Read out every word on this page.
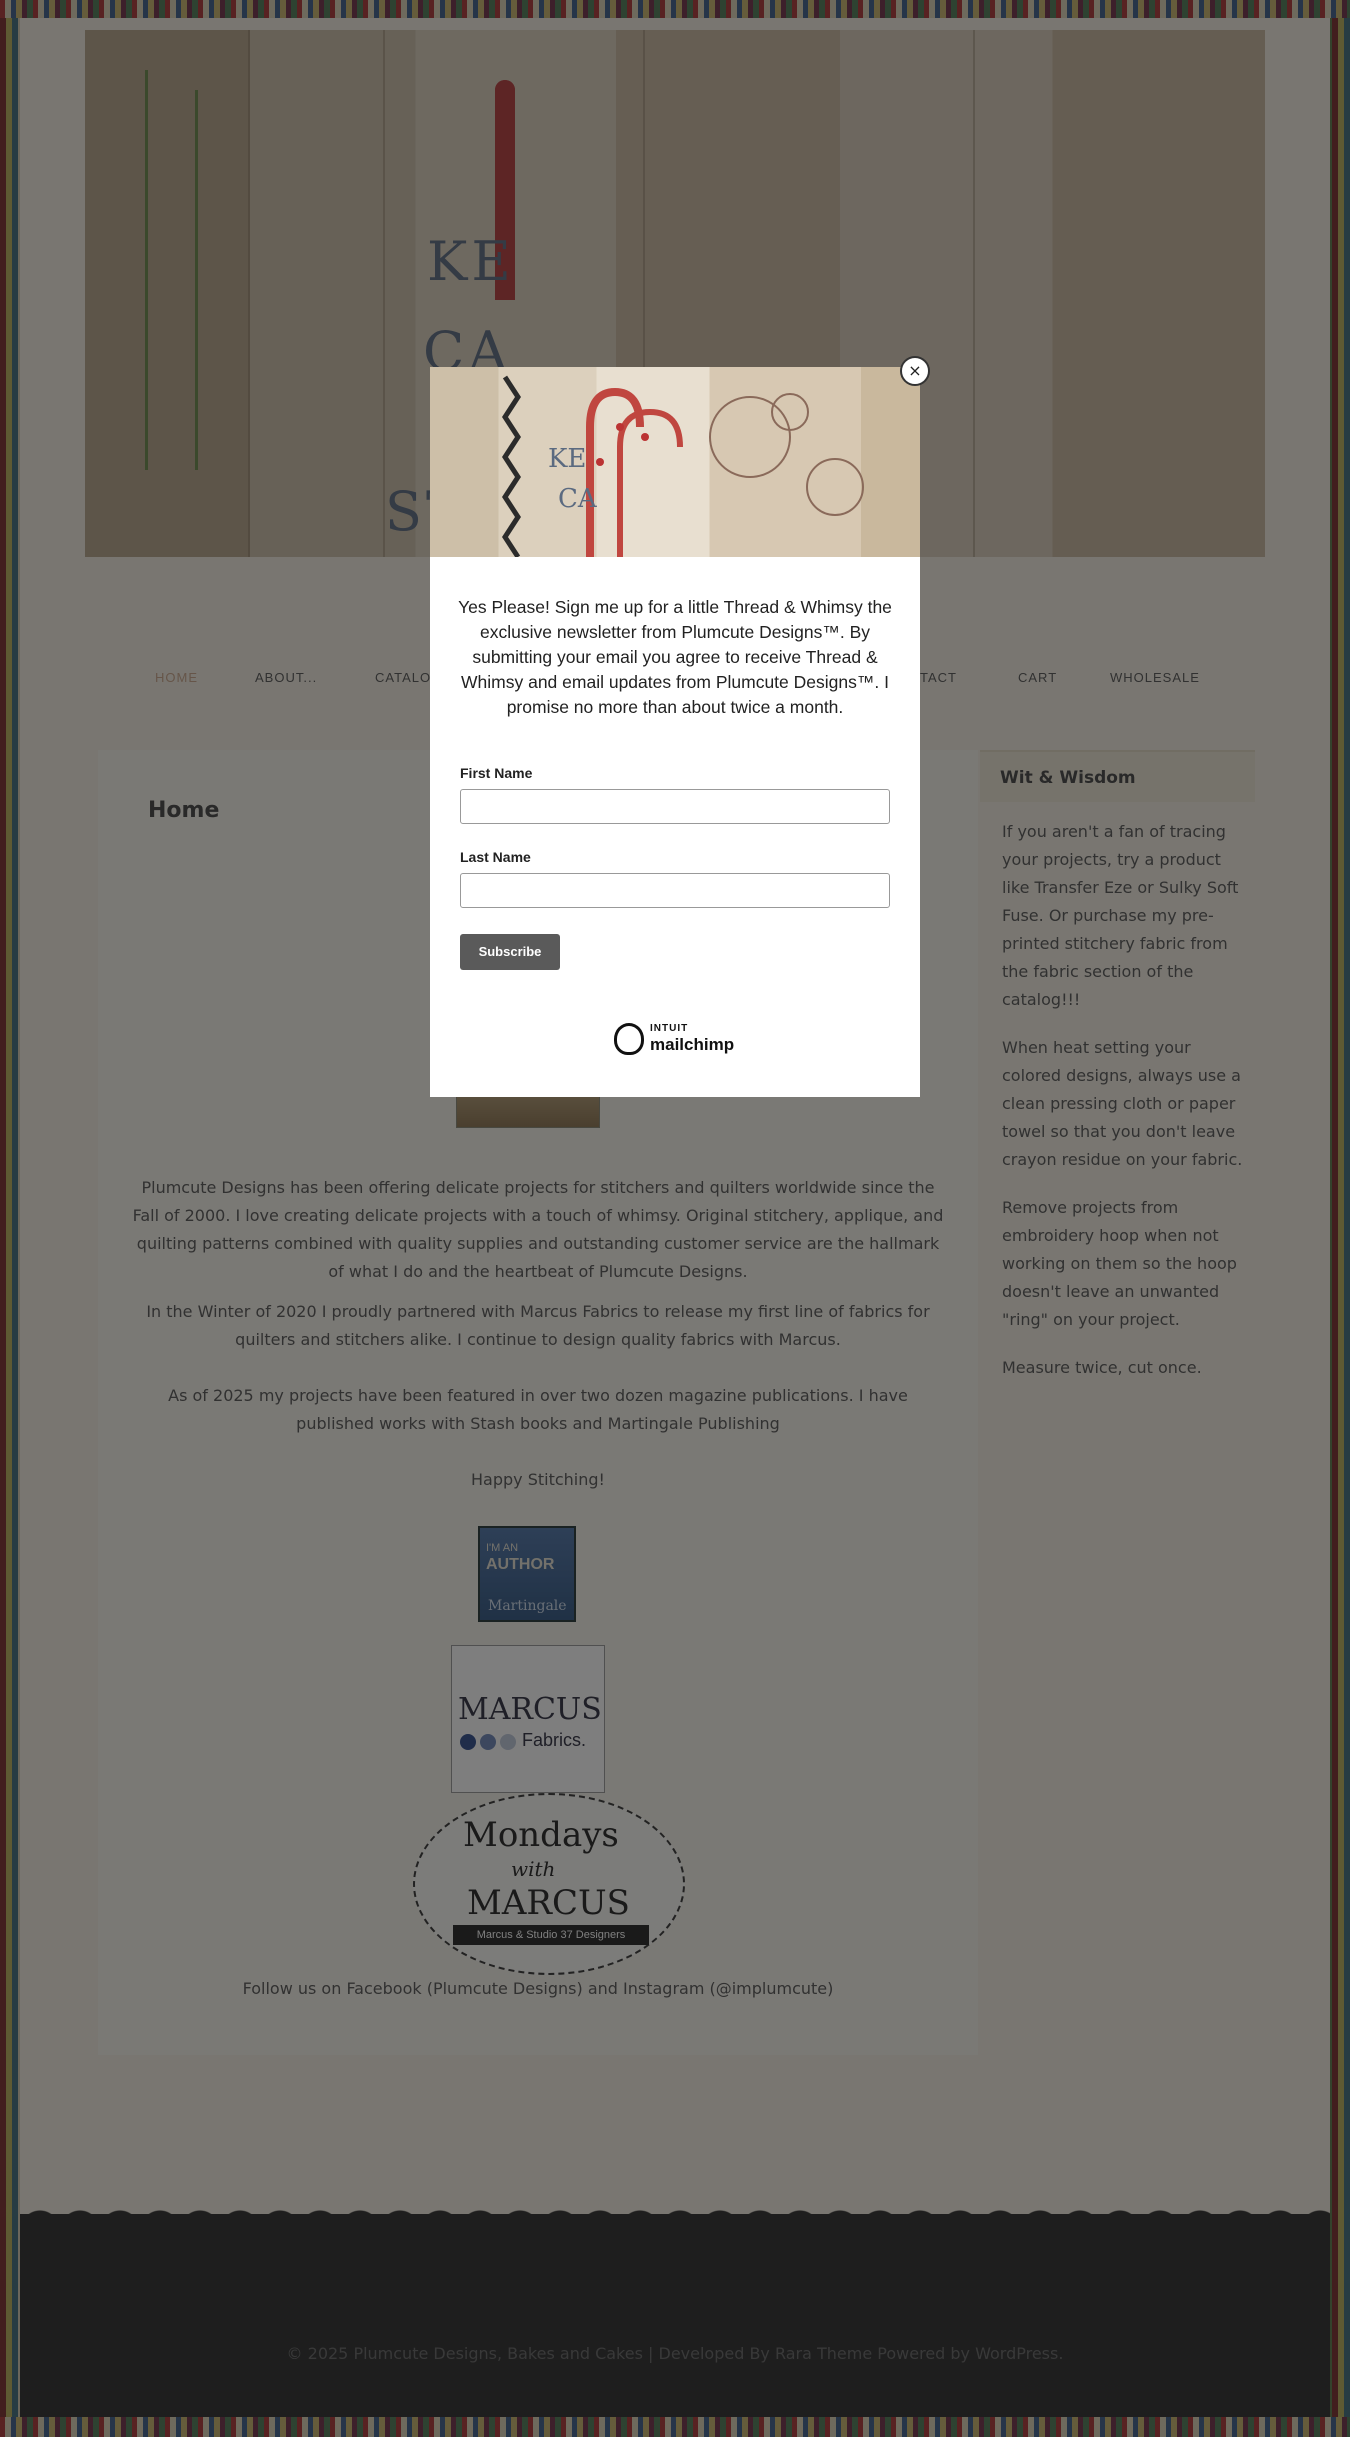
KE
CA

Yes Please! Sign me up for a little Thread & Whimsy the exclusive newsletter from Plumcute Designs™. By submitting your email you agree to receive Thread & Whimsy and email updates from Plumcute Designs™. I promise no more than about twice a month.

First Name
Last Name
Subscribe
INTUIT
mailchimp
×
